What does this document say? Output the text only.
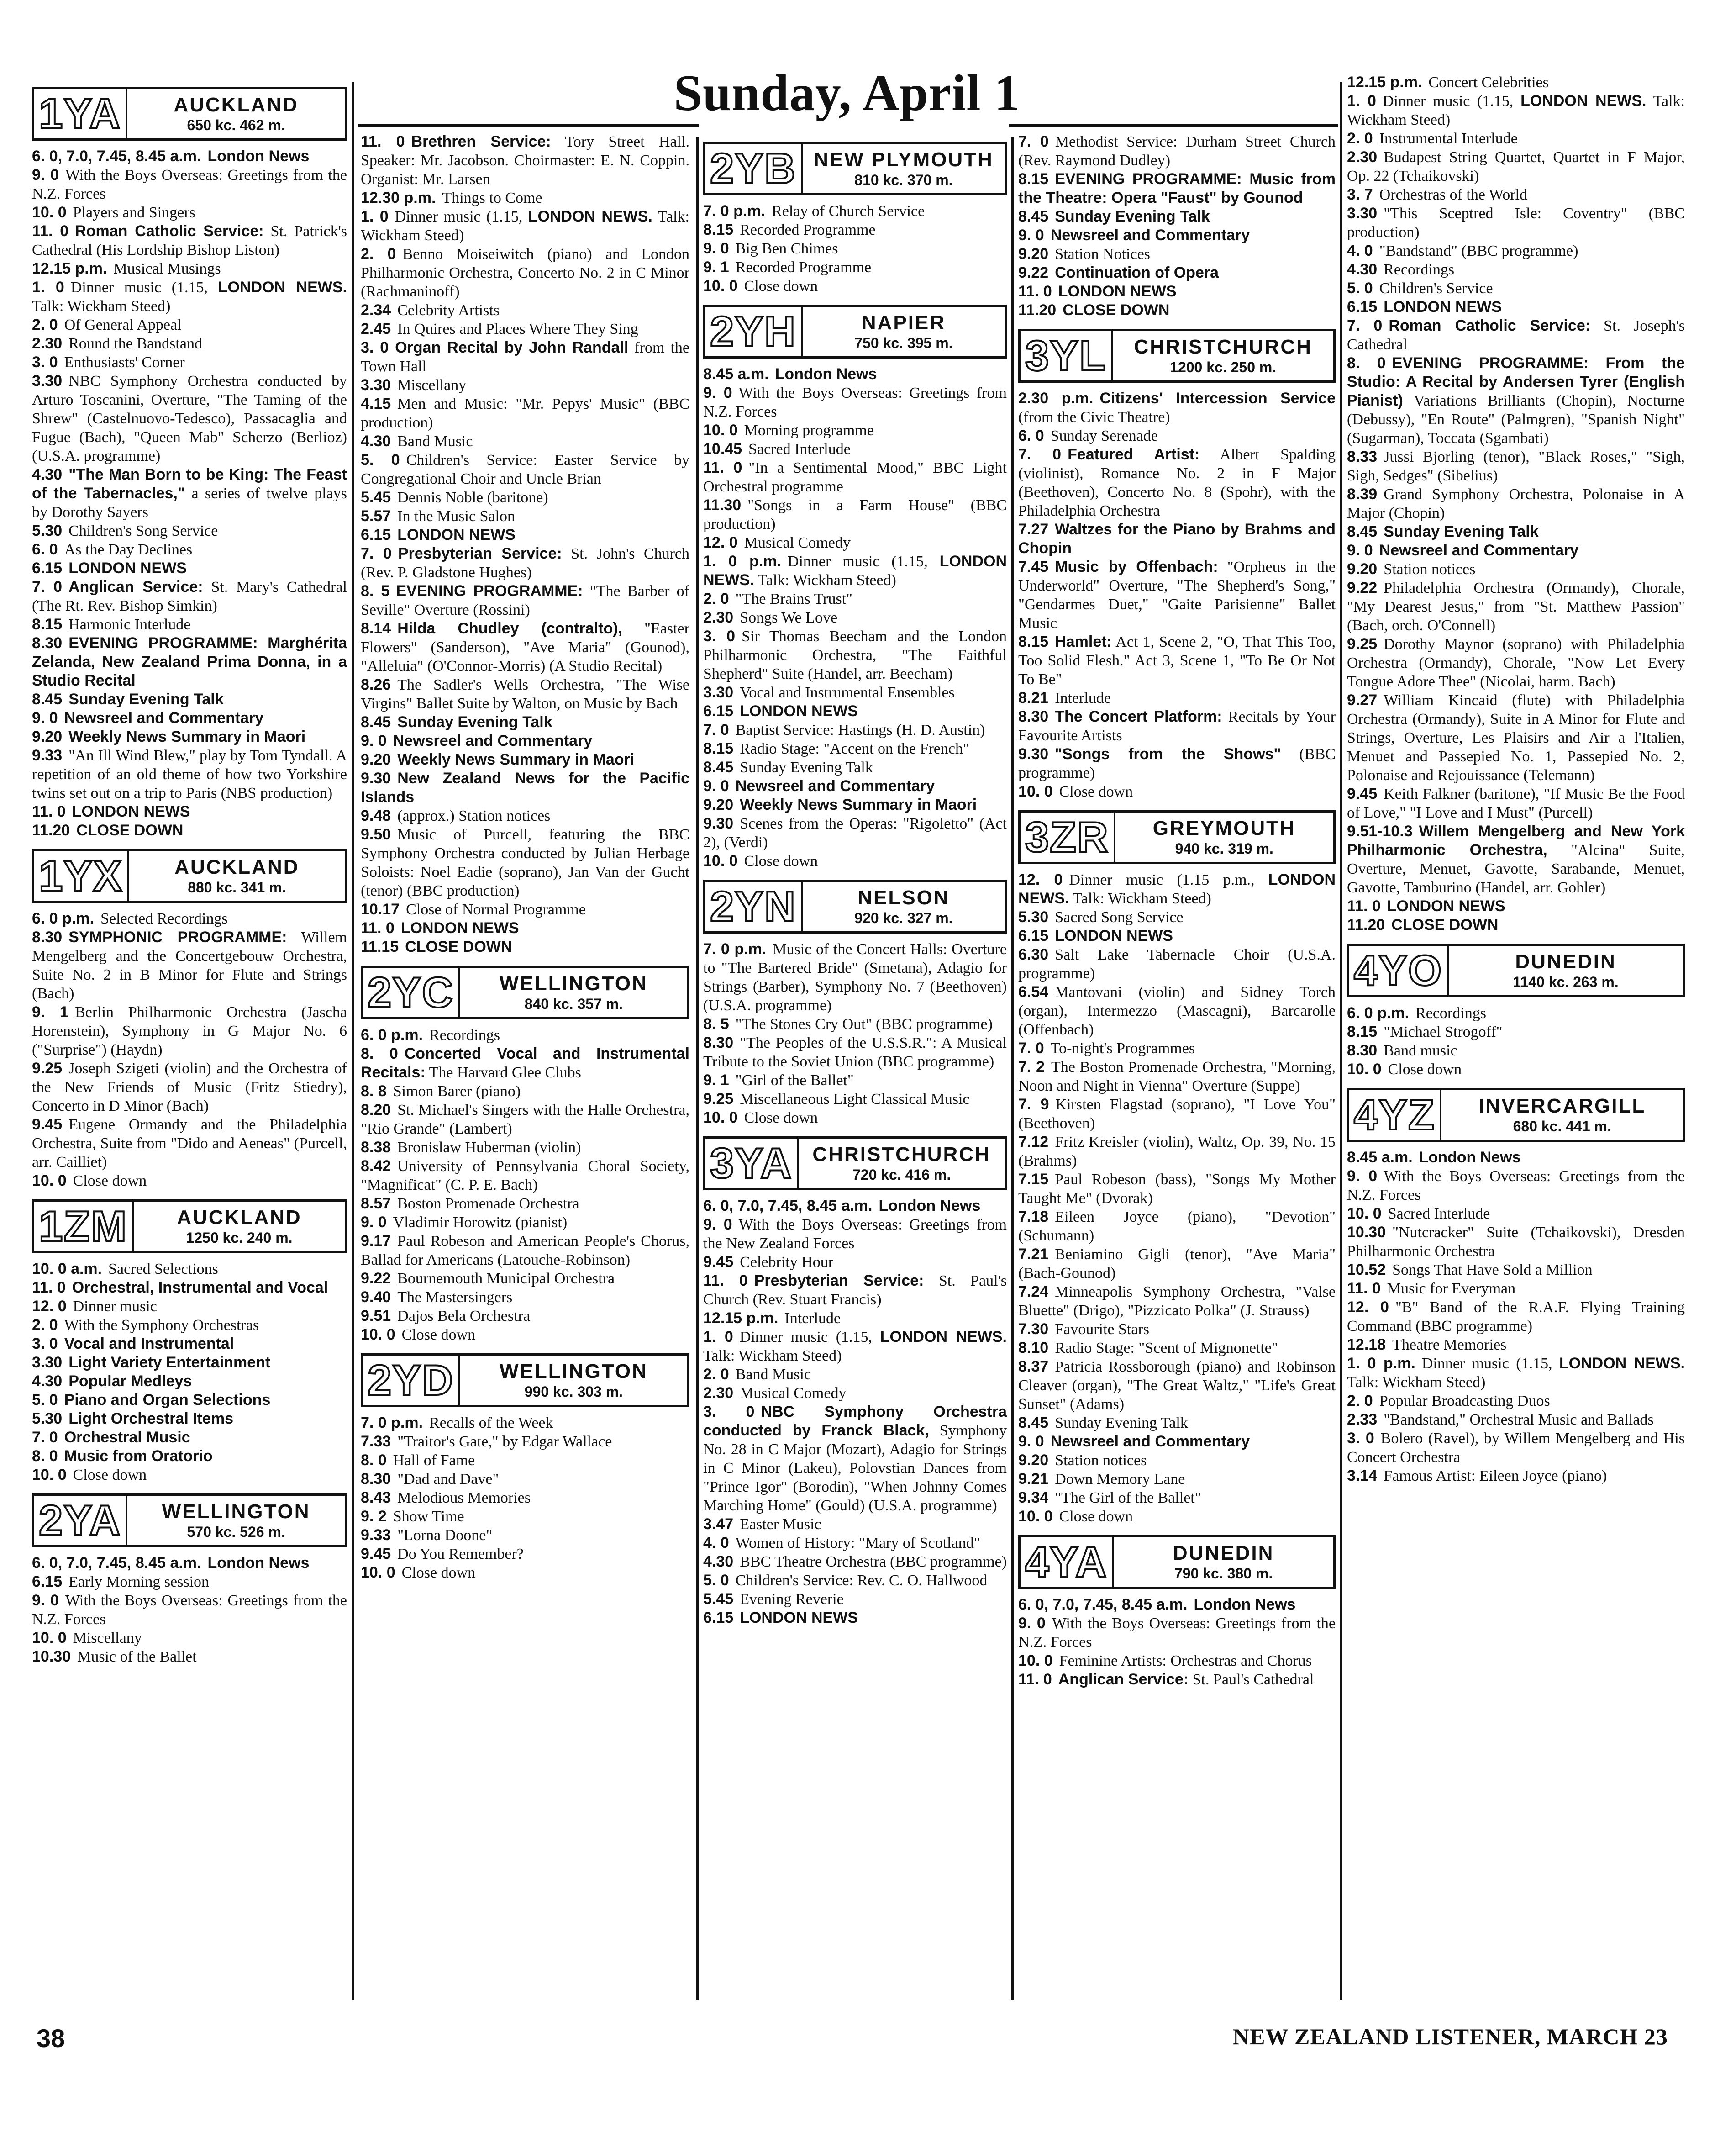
Sunday, April 1
1YA	AUCKLAND
650 kc. 462 m.

6. 0, 7.0, 7.45, 8.45 a.m. London News

9. 0 With the Boys Overseas: Greetings from the N.Z. Forces

10. 0 Players and Singers

11. 0 Roman Catholic Service: St. Patrick's Cathedral (His Lordship Bishop Liston)

12.15 p.m. Musical Musings

1. 0 Dinner music (1.15, LONDON NEWS. Talk: Wickham Steed)

2. 0 Of General Appeal

2.30 Round the Bandstand

3. 0 Enthusiasts' Corner

3.30 NBC Symphony Orchestra conducted by Arturo Toscanini, Overture, "The Taming of the Shrew" (Castelnuovo-Tedesco), Passacaglia and Fugue (Bach), "Queen Mab" Scherzo (Berlioz) (U.S.A. programme)

4.30 "The Man Born to be King: The Feast of the Tabernacles," a series of twelve plays by Dorothy Sayers

5.30 Children's Song Service

6. 0 As the Day Declines

6.15 LONDON NEWS

7. 0 Anglican Service: St. Mary's Cathedral (The Rt. Rev. Bishop Simkin)

8.15 Harmonic Interlude

8.30 EVENING PROGRAMME: Marghérita Zelanda, New Zealand Prima Donna, in a Studio Recital

8.45 Sunday Evening Talk

9. 0 Newsreel and Commentary

9.20 Weekly News Summary in Maori

9.33 "An Ill Wind Blew," play by Tom Tyndall. A repetition of an old theme of how two Yorkshire twins set out on a trip to Paris (NBS production)

11. 0 LONDON NEWS

11.20 CLOSE DOWN

1YX	AUCKLAND
880 kc. 341 m.

6. 0 p.m. Selected Recordings

8.30 SYMPHONIC PROGRAMME: Willem Mengelberg and the Concertgebouw Orchestra, Suite No. 2 in B Minor for Flute and Strings (Bach)

9. 1 Berlin Philharmonic Orchestra (Jascha Horenstein), Symphony in G Major No. 6 ("Surprise") (Haydn)

9.25 Joseph Szigeti (violin) and the Orchestra of the New Friends of Music (Fritz Stiedry), Concerto in D Minor (Bach)

9.45 Eugene Ormandy and the Philadelphia Orchestra, Suite from "Dido and Aeneas" (Purcell, arr. Cailliet)

10. 0 Close down

1ZM	AUCKLAND
1250 kc. 240 m.

10. 0 a.m. Sacred Selections

11. 0 Orchestral, Instrumental and Vocal

12. 0 Dinner music

2. 0 With the Symphony Orchestras

3. 0 Vocal and Instrumental

3.30 Light Variety Entertainment

4.30 Popular Medleys

5. 0 Piano and Organ Selections

5.30 Light Orchestral Items

7. 0 Orchestral Music

8. 0 Music from Oratorio

10. 0 Close down

2YA	WELLINGTON
570 kc. 526 m.

6. 0, 7.0, 7.45, 8.45 a.m. London News

6.15 Early Morning session

9. 0 With the Boys Overseas: Greetings from the N.Z. Forces

10. 0 Miscellany

10.30 Music of the Ballet

11. 0 Brethren Service: Tory Street Hall. Speaker: Mr. Jacobson. Choirmaster: E. N. Coppin. Organist: Mr. Larsen

12.30 p.m. Things to Come

1. 0 Dinner music (1.15, LONDON NEWS. Talk: Wickham Steed)

2. 0 Benno Moiseiwitch (piano) and London Philharmonic Orchestra, Concerto No. 2 in C Minor (Rachmaninoff)

2.34 Celebrity Artists

2.45 In Quires and Places Where They Sing

3. 0 Organ Recital by John Randall from the Town Hall

3.30 Miscellany

4.15 Men and Music: "Mr. Pepys' Music" (BBC production)

4.30 Band Music

5. 0 Children's Service: Easter Service by Congregational Choir and Uncle Brian

5.45 Dennis Noble (baritone)

5.57 In the Music Salon

6.15 LONDON NEWS

7. 0 Presbyterian Service: St. John's Church (Rev. P. Gladstone Hughes)

8. 5 EVENING PROGRAMME: "The Barber of Seville" Overture (Rossini)

8.14 Hilda Chudley (contralto), "Easter Flowers" (Sanderson), "Ave Maria" (Gounod), "Alleluia" (O'Connor-Morris) (A Studio Recital)

8.26 The Sadler's Wells Orchestra, "The Wise Virgins" Ballet Suite by Walton, on Music by Bach

8.45 Sunday Evening Talk

9. 0 Newsreel and Commentary

9.20 Weekly News Summary in Maori

9.30 New Zealand News for the Pacific Islands

9.48 (approx.) Station notices

9.50 Music of Purcell, featuring the BBC Symphony Orchestra conducted by Julian Herbage Soloists: Noel Eadie (soprano), Jan Van der Gucht (tenor) (BBC production)

10.17 Close of Normal Programme

11. 0 LONDON NEWS

11.15 CLOSE DOWN

2YC	WELLINGTON
840 kc. 357 m.

6. 0 p.m. Recordings

8. 0 Concerted Vocal and Instrumental Recitals: The Harvard Glee Clubs

8. 8 Simon Barer (piano)

8.20 St. Michael's Singers with the Halle Orchestra, "Rio Grande" (Lambert)

8.38 Bronislaw Huberman (violin)

8.42 University of Pennsylvania Choral Society, "Magnificat" (C. P. E. Bach)

8.57 Boston Promenade Orchestra

9. 0 Vladimir Horowitz (pianist)

9.17 Paul Robeson and American People's Chorus, Ballad for Americans (Latouche-Robinson)

9.22 Bournemouth Municipal Orchestra

9.40 The Mastersingers

9.51 Dajos Bela Orchestra

10. 0 Close down

2YD	WELLINGTON
990 kc. 303 m.

7. 0 p.m. Recalls of the Week

7.33 "Traitor's Gate," by Edgar Wallace

8. 0 Hall of Fame

8.30 "Dad and Dave"

8.43 Melodious Memories

9. 2 Show Time

9.33 "Lorna Doone"

9.45 Do You Remember?

10. 0 Close down

2YB NEW PLYMOUTH
810 kc. 370 m.

7. 0 p.m. Relay of Church Service

8.15 Recorded Programme

9. 0 Big Ben Chimes

9. 1 Recorded Programme

10. 0 Close down

2YH	NAPIER
750 kc. 395 m.

8.45 a.m. London News

9. 0 With the Boys Overseas: Greetings from N.Z. Forces

10. 0 Morning programme

10.45 Sacred Interlude

11. 0 "In a Sentimental Mood," BBC Light Orchestral programme

11.30 "Songs in a Farm House" (BBC production)

12. 0 Musical Comedy

1. 0 p.m. Dinner music (1.15, LONDON NEWS. Talk: Wickham Steed)

2. 0 "The Brains Trust"

2.30 Songs We Love

3. 0 Sir Thomas Beecham and the London Philharmonic Orchestra, "The Faithful Shepherd" Suite (Handel, arr. Beecham)

3.30 Vocal and Instrumental Ensembles

6.15 LONDON NEWS

7. 0 Baptist Service: Hastings (H. D. Austin)

8.15 Radio Stage: "Accent on the French"

8.45 Sunday Evening Talk

9. 0 Newsreel and Commentary

9.20 Weekly News Summary in Maori

9.30 Scenes from the Operas: "Rigoletto" (Act 2), (Verdi)

10. 0 Close down

2YN	NELSON
920 kc. 327 m.

7. 0 p.m. Music of the Concert Halls: Overture to "The Bartered Bride" (Smetana), Adagio for Strings (Barber), Symphony No. 7 (Beethoven) (U.S.A. programme)

8. 5 "The Stones Cry Out" (BBC programme)

8.30 "The Peoples of the U.S.S.R.": A Musical Tribute to the Soviet Union (BBC programme)

9. 1 "Girl of the Ballet"

9.25 Miscellaneous Light Classical Music

10. 0 Close down

3YA	CHRISTCHURCH
720 kc. 416 m.

6. 0, 7.0, 7.45, 8.45 a.m. London News

9. 0 With the Boys Overseas: Greetings from the New Zealand Forces

9.45 Celebrity Hour

11. 0 Presbyterian Service: St. Paul's Church (Rev. Stuart Francis)

12.15 p.m. Interlude

1. 0 Dinner music (1.15, LONDON NEWS. Talk: Wickham Steed)

2. 0 Band Music

2.30 Musical Comedy

3. 0 NBC Symphony Orchestra conducted by Franck Black, Symphony No. 28 in C Major (Mozart), Adagio for Strings in C Minor (Lakeu), Polovstian Dances from "Prince Igor" (Borodin), "When Johnny Comes Marching Home" (Gould) (U.S.A. programme)

3.47 Easter Music

4. 0 Women of History: "Mary of Scotland"

4.30 BBC Theatre Orchestra (BBC programme)

5. 0 Children's Service: Rev. C. O. Hallwood

5.45 Evening Reverie

6.15 LONDON NEWS

7. 0 Methodist Service: Durham Street Church (Rev. Raymond Dudley)

8.15 EVENING PROGRAMME: Music from the Theatre: Opera "Faust" by Gounod

8.45 Sunday Evening Talk

9. 0 Newsreel and Commentary

9.20 Station Notices

9.22 Continuation of Opera

11. 0 LONDON NEWS

11.20 CLOSE DOWN

3YL	CHRISTCHURCH
1200 kc. 250 m.

2.30 p.m. Citizens' Intercession Service (from the Civic Theatre)

6. 0 Sunday Serenade

7. 0 Featured Artist: Albert Spalding (violinist), Romance No. 2 in F Major (Beethoven), Concerto No. 8 (Spohr), with the Philadelphia Orchestra

7.27 Waltzes for the Piano by Brahms and Chopin

7.45 Music by Offenbach: "Orpheus in the Underworld" Overture, "The Shepherd's Song," "Gendarmes Duet," "Gaite Parisienne" Ballet Music

8.15 Hamlet: Act 1, Scene 2, "O, That This Too, Too Solid Flesh." Act 3, Scene 1, "To Be Or Not To Be"

8.21 Interlude

8.30 The Concert Platform: Recitals by Your Favourite Artists

9.30 "Songs from the Shows" (BBC programme)

10. 0 Close down

3ZR	GREYMOUTH
940 kc. 319 m.

12. 0 Dinner music (1.15 p.m., LONDON NEWS. Talk: Wickham Steed)

5.30 Sacred Song Service

6.15 LONDON NEWS

6.30 Salt Lake Tabernacle Choir (U.S.A. programme)

6.54 Mantovani (violin) and Sidney Torch (organ), Intermezzo (Mascagni), Barcarolle (Offenbach)

7. 0 To-night's Programmes

7. 2 The Boston Promenade Orchestra, "Morning, Noon and Night in Vienna" Overture (Suppe)

7. 9 Kirsten Flagstad (soprano), "I Love You" (Beethoven)

7.12 Fritz Kreisler (violin), Waltz, Op. 39, No. 15 (Brahms)

7.15 Paul Robeson (bass), "Songs My Mother Taught Me" (Dvorak)

7.18 Eileen Joyce (piano), "Devotion" (Schumann)

7.21 Beniamino Gigli (tenor), "Ave Maria" (Bach-Gounod)

7.24 Minneapolis Symphony Orchestra, "Valse Bluette" (Drigo), "Pizzicato Polka" (J. Strauss)

7.30 Favourite Stars

8.10 Radio Stage: "Scent of Mignonette"

8.37 Patricia Rossborough (piano) and Robinson Cleaver (organ), "The Great Waltz," "Life's Great Sunset" (Adams)

8.45 Sunday Evening Talk

9. 0 Newsreel and Commentary

9.20 Station notices

9.21 Down Memory Lane

9.34 "The Girl of the Ballet"

10. 0 Close down

4YA	DUNEDIN
790 kc. 380 m.

6. 0, 7.0, 7.45, 8.45 a.m. London News

9. 0 With the Boys Overseas: Greetings from the N.Z. Forces

10. 0 Feminine Artists: Orchestras and Chorus

11. 0 Anglican Service: St. Paul's Cathedral

12.15 p.m. Concert Celebrities

1. 0 Dinner music (1.15, LONDON NEWS. Talk: Wickham Steed)

2. 0 Instrumental Interlude

2.30 Budapest String Quartet, Quartet in F Major, Op. 22 (Tchaikovski)

3. 7 Orchestras of the World

3.30 "This Sceptred Isle: Coventry" (BBC production)

4. 0 "Bandstand" (BBC programme)

4.30 Recordings

5. 0 Children's Service

6.15 LONDON NEWS

7. 0 Roman Catholic Service: St. Joseph's Cathedral

8. 0 EVENING PROGRAMME: From the Studio: A Recital by Andersen Tyrer (English Pianist) Variations Brilliants (Chopin), Nocturne (Debussy), "En Route" (Palmgren), "Spanish Night" (Sugarman), Toccata (Sgambati)

8.33 Jussi Bjorling (tenor), "Black Roses," "Sigh, Sigh, Sedges" (Sibelius)

8.39 Grand Symphony Orchestra, Polonaise in A Major (Chopin)

8.45 Sunday Evening Talk

9. 0 Newsreel and Commentary

9.20 Station notices

9.22 Philadelphia Orchestra (Ormandy), Chorale, "My Dearest Jesus," from "St. Matthew Passion" (Bach, orch. O'Connell)

9.25 Dorothy Maynor (soprano) with Philadelphia Orchestra (Ormandy), Chorale, "Now Let Every Tongue Adore Thee" (Nicolai, harm. Bach)

9.27 William Kincaid (flute) with Philadelphia Orchestra (Ormandy), Suite in A Minor for Flute and Strings, Overture, Les Plaisirs and Air a l'Italien, Menuet and Passepied No. 1, Passepied No. 2, Polonaise and Rejouissance (Telemann)

9.45 Keith Falkner (baritone), "If Music Be the Food of Love," "I Love and I Must" (Purcell)

9.51-10.3 Willem Mengelberg and New York Philharmonic Orchestra, "Alcina" Suite, Overture, Menuet, Gavotte, Sarabande, Menuet, Gavotte, Tamburino (Handel, arr. Gohler)

11. 0 LONDON NEWS

11.20 CLOSE DOWN

4YO	DUNEDIN
1140 kc. 263 m.

6. 0 p.m. Recordings

8.15 "Michael Strogoff"

8.30 Band music

10. 0 Close down

4YZ	INVERCARGILL
680 kc. 441 m.

8.45 a.m. London News

9. 0 With the Boys Overseas: Greetings from the N.Z. Forces

10. 0 Sacred Interlude

10.30 "Nutcracker" Suite (Tchaikovski), Dresden Philharmonic Orchestra

10.52 Songs That Have Sold a Million

11. 0 Music for Everyman

12. 0 "B" Band of the R.A.F. Flying Training Command (BBC programme)

12.18 Theatre Memories

1. 0 p.m. Dinner music (1.15, LONDON NEWS. Talk: Wickham Steed)

2. 0 Popular Broadcasting Duos

2.33 "Bandstand," Orchestral Music and Ballads

3. 0 Bolero (Ravel), by Willem Mengelberg and His Concert Orchestra

3.14 Famous Artist: Eileen Joyce (piano)

38	NEW ZEALAND LISTENER, MARCH 23
